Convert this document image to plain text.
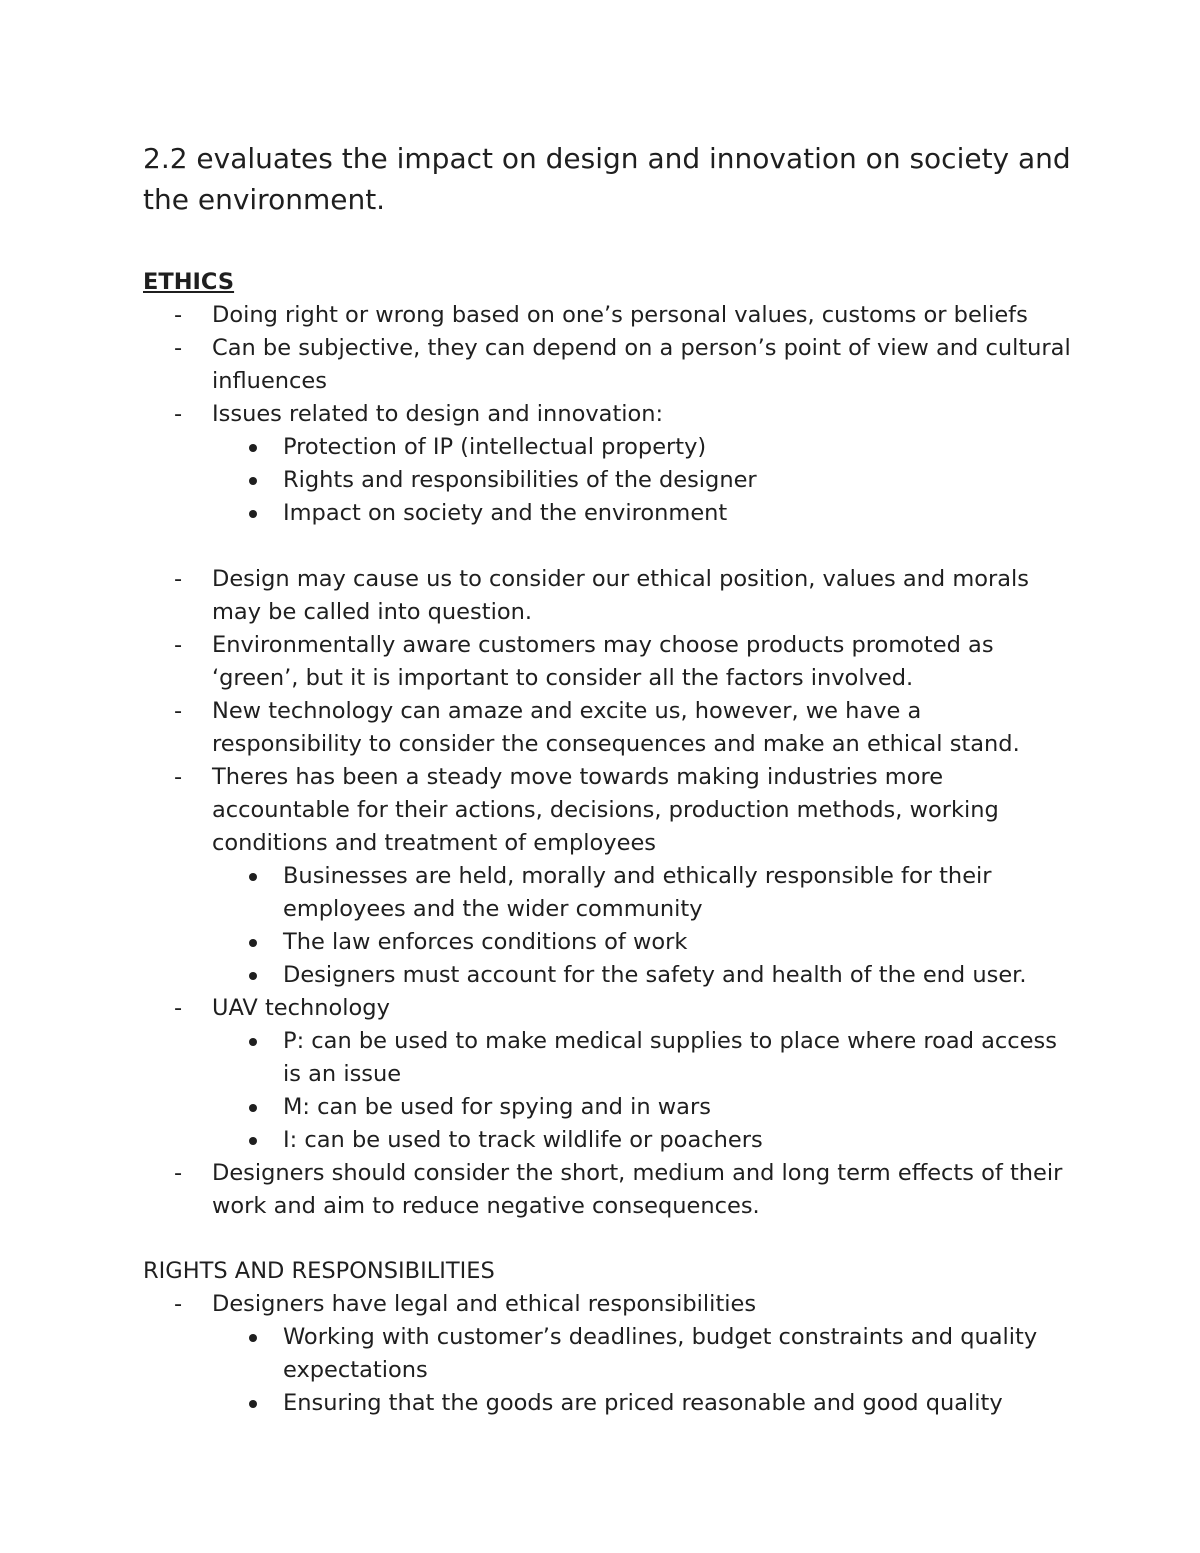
2.2 evaluates the impact on design and innovation on society and the environment.
ETHICS
- Doing right or wrong based on one’s personal values, customs or beliefs
- Can be subjective, they can depend on a person’s point of view and cultural influences
- Issues related to design and innovation:
Protection of IP (intellectual property)
Rights and responsibilities of the designer
Impact on society and the environment
- Design may cause us to consider our ethical position, values and morals may be called into question.
- Environmentally aware customers may choose products promoted as ‘green’, but it is important to consider all the factors involved.
- New technology can amaze and excite us, however, we have a responsibility to consider the consequences and make an ethical stand.
- Theres has been a steady move towards making industries more accountable for their actions, decisions, production methods, working conditions and treatment of employees
Businesses are held, morally and ethically responsible for their employees and the wider community
The law enforces conditions of work
Designers must account for the safety and health of the end user.
- UAV technology
P: can be used to make medical supplies to place where road access is an issue
M: can be used for spying and in wars
I: can be used to track wildlife or poachers
- Designers should consider the short, medium and long term effects of their work and aim to reduce negative consequences.
RIGHTS AND RESPONSIBILITIES
- Designers have legal and ethical responsibilities
Working with customer’s deadlines, budget constraints and quality expectations
Ensuring that the goods are priced reasonable and good quality
